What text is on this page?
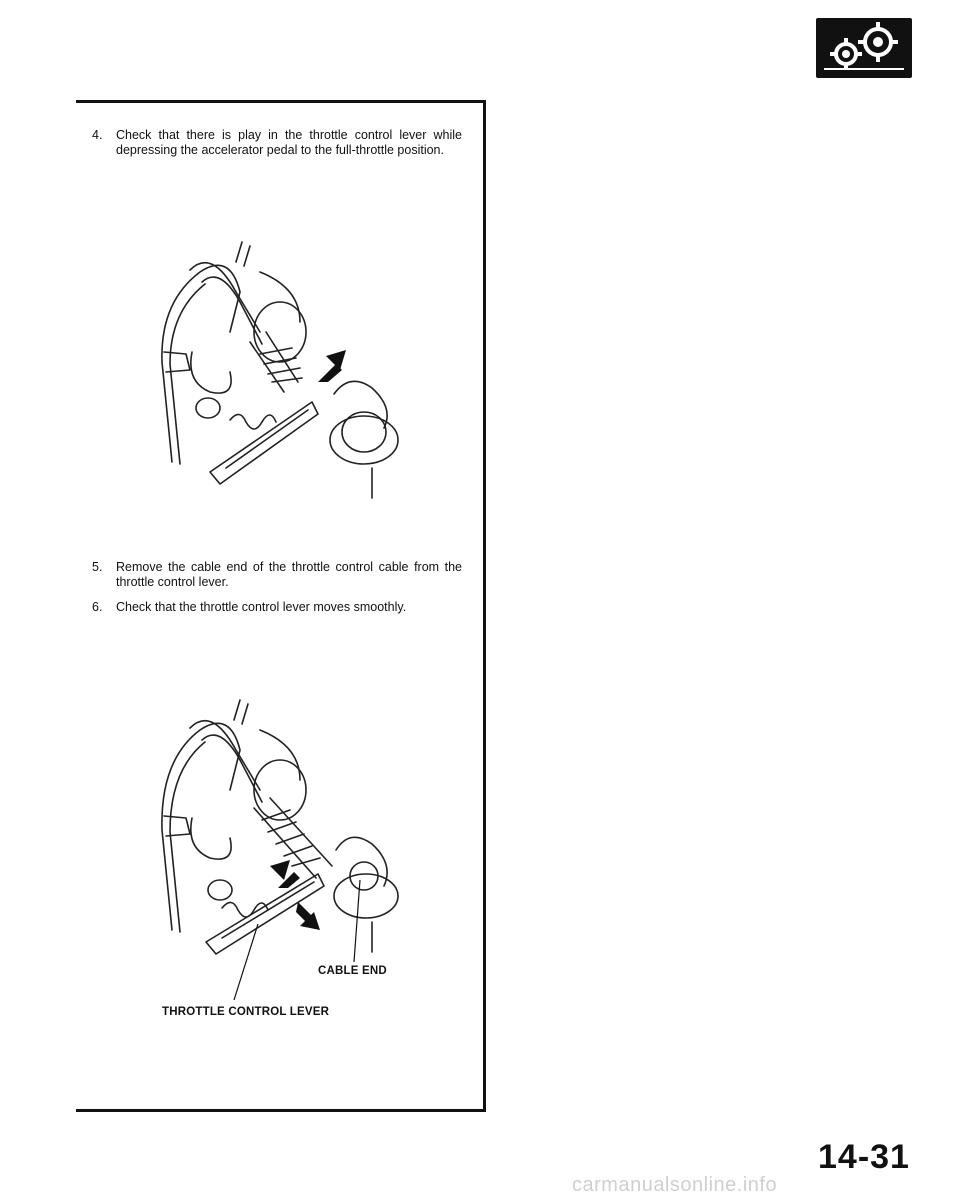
4.	Check that there is play in the throttle control lever while depressing the accelerator pedal to the full-throttle position.
5.	Remove the cable end of the throttle control cable from the throttle control lever.
6.	Check that the throttle control lever moves smoothly.
CABLE END
THROTTLE CONTROL LEVER
14-31
carmanualsonline.info
